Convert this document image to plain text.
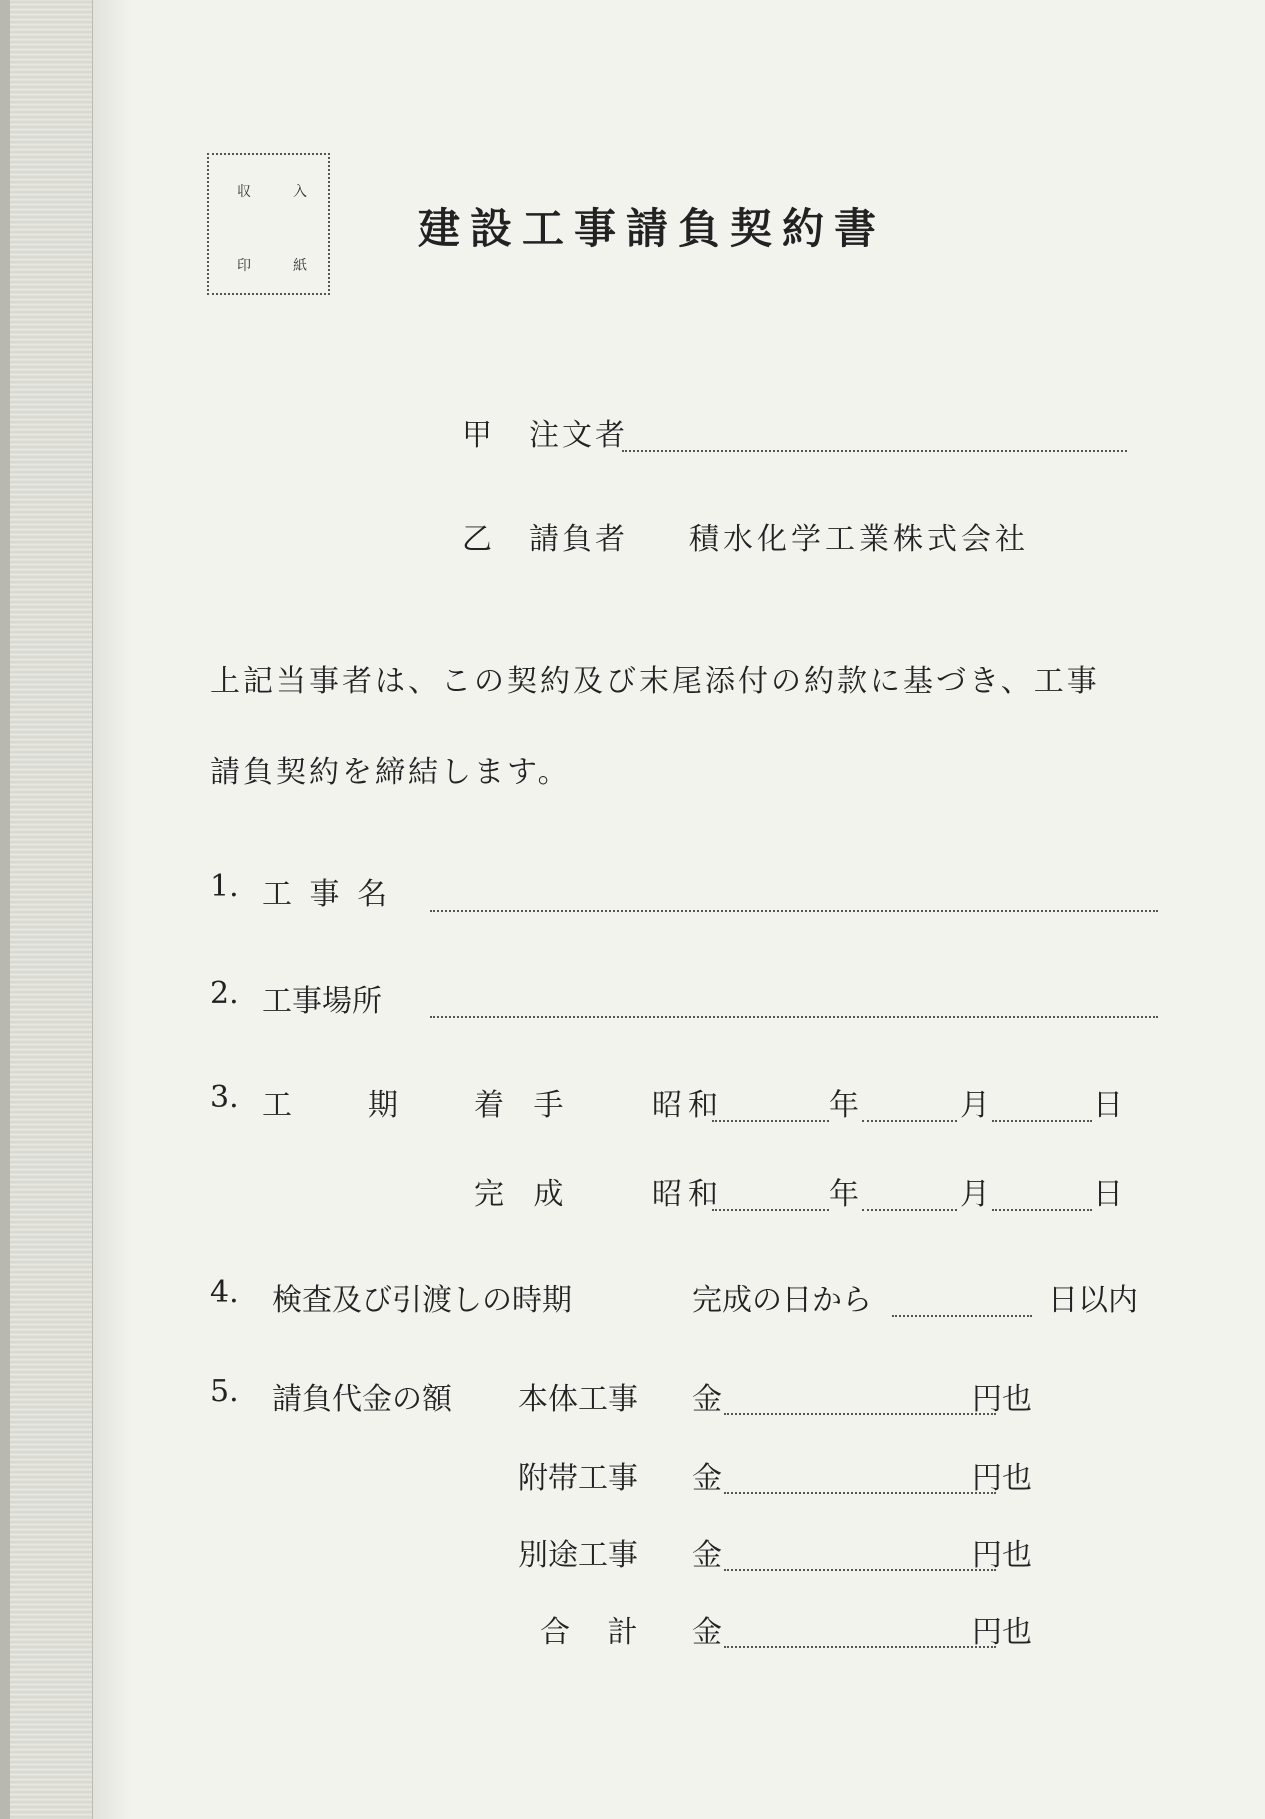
収	入
印	紙
建設工事請負契約書
甲 注文者
乙 請負者 積水化学工業株式会社
上記当事者は、この契約及び末尾添付の約款に基づき、工事
請負契約を締結します。
1. 工 事 名
2. 工事場所
3. 工	期	着 手	昭和	年	月	日
完 成	昭和	年	月	日
4. 検査及び引渡しの時期	完成の日から	日以内
5. 請負代金の額 本体工事 金	円也
附帯工事 金	円也
別途工事 金	円也
合 計 金	円也
